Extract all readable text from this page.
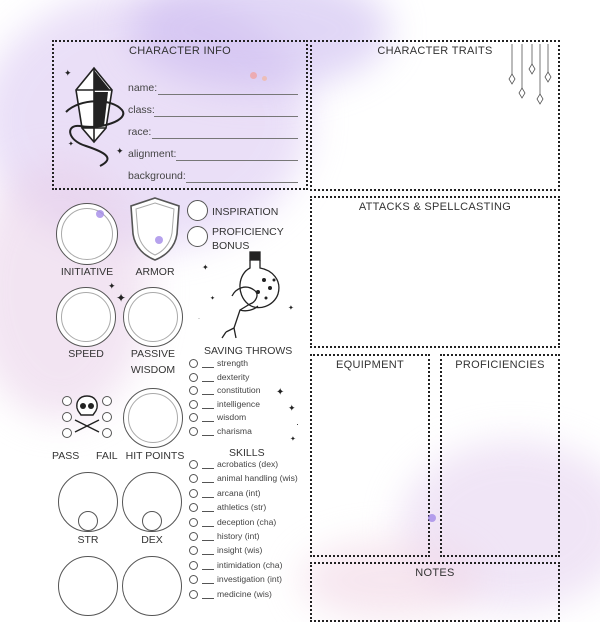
CHARACTER INFO
✦
✦
✦
name:
class:
race:
alignment:
background:
CHARACTER TRAITS
ATTACKS & SPELLCASTING
EQUIPMENT	PROFICIENCIES
NOTES
INITIATIVE	ARMOR
INSPIRATION
PROFICIENCY
BONUS
✦
✦
·
✦
✦
✦
SPEED	PASSIVE
WISDOM
PASS FAIL HIT POINTS
STR	DEX
SAVING THROWS
strength
dexterity
constitution
intelligence
wisdom
charisma
SKILLS
acrobatics (dex)
animal handling (wis)
arcana (int)
athletics (str)
deception (cha)
history (int)
insight (wis)
intimidation (cha)
investigation (int)
medicine (wis)
✦
✦
·
✦
